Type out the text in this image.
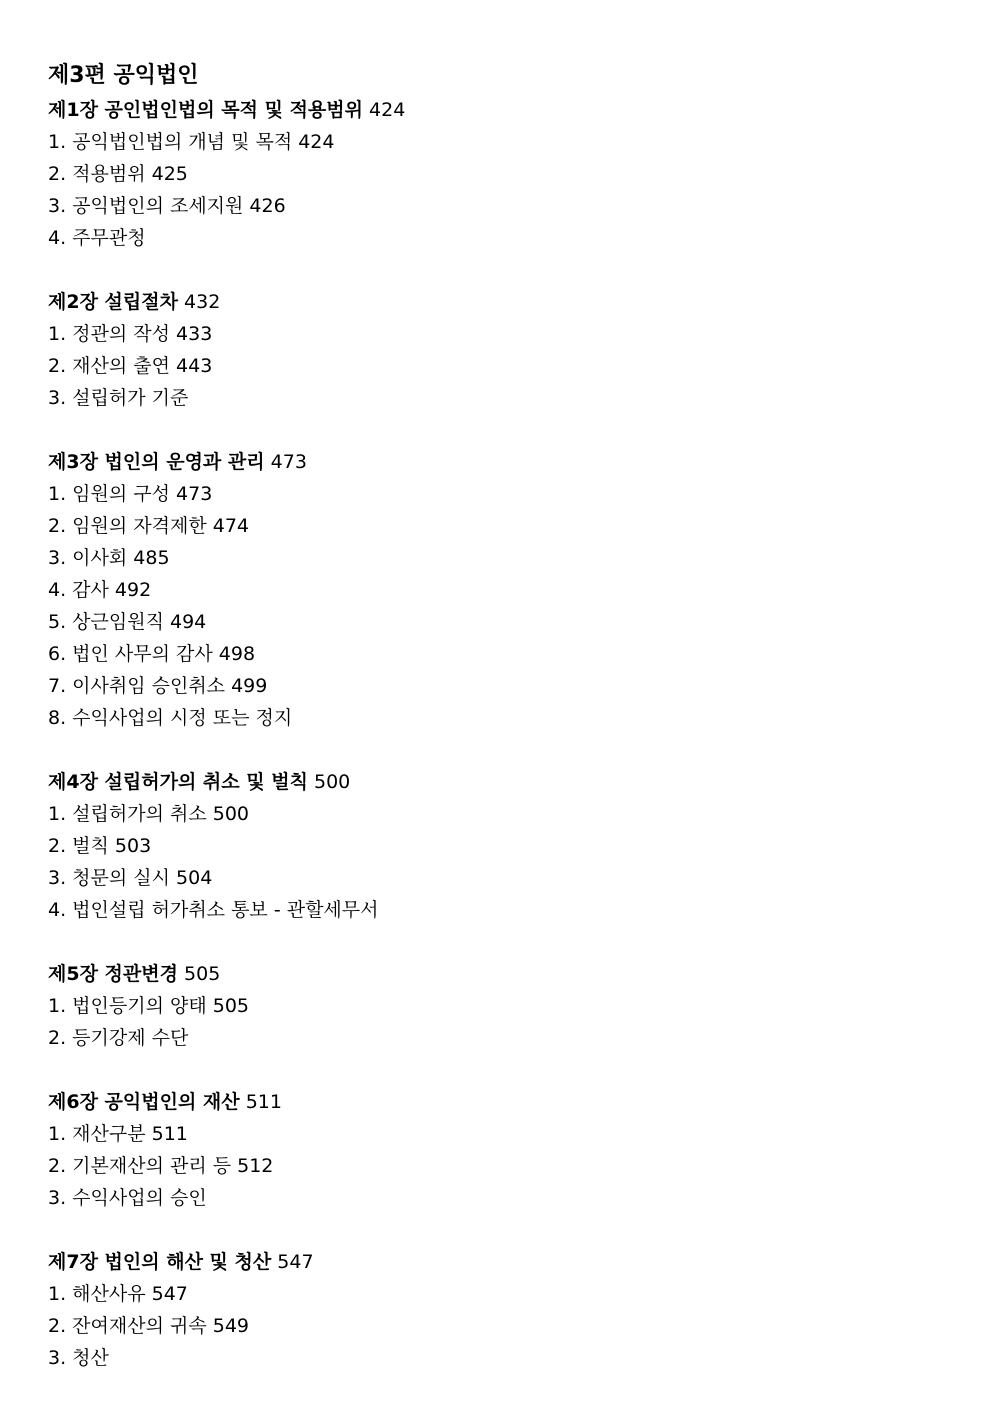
제3편 공익법인
제1장 공인법인법의 목적 및 적용범위 424
1. 공익법인법의 개념 및 목적 424
2. 적용범위 425
3. 공익법인의 조세지원 426
4. 주무관청
제2장 설립절차 432
1. 정관의 작성 433
2. 재산의 출연 443
3. 설립허가 기준
제3장 법인의 운영과 관리 473
1. 임원의 구성 473
2. 임원의 자격제한 474
3. 이사회 485
4. 감사 492
5. 상근임원직 494
6. 법인 사무의 감사 498
7. 이사취임 승인취소 499
8. 수익사업의 시정 또는 정지
제4장 설립허가의 취소 및 벌칙 500
1. 설립허가의 취소 500
2. 벌칙 503
3. 청문의 실시 504
4. 법인설립 허가취소 통보 - 관할세무서
제5장 정관변경 505
1. 법인등기의 양태 505
2. 등기강제 수단
제6장 공익법인의 재산 511
1. 재산구분 511
2. 기본재산의 관리 등 512
3. 수익사업의 승인
제7장 법인의 해산 및 청산 547
1. 해산사유 547
2. 잔여재산의 귀속 549
3. 청산
